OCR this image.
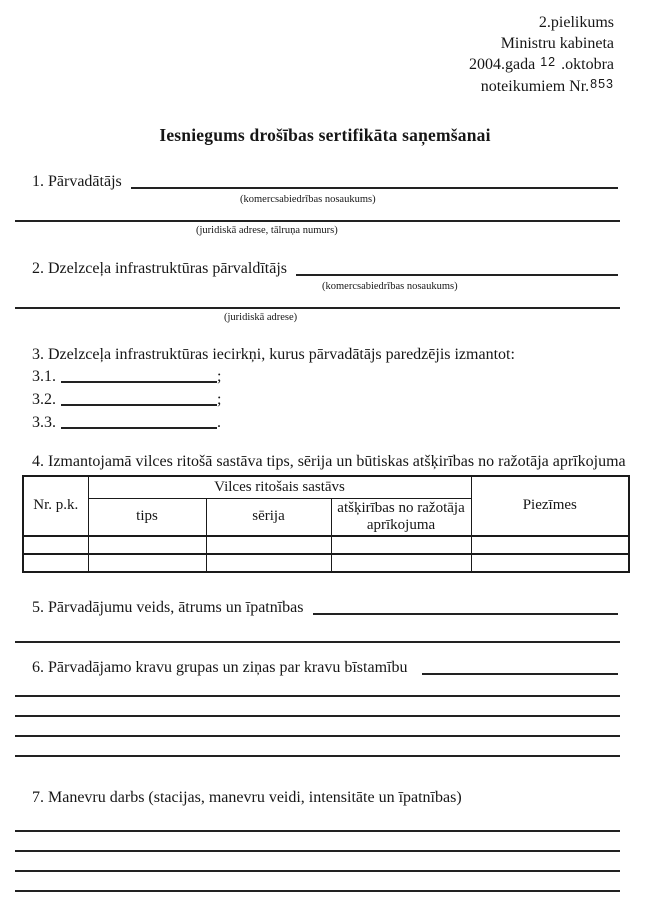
2.pielikums
Ministru kabineta
2004.gada 12 .oktobra
noteikumiem Nr.853
Iesniegums drošības sertifikāta saņemšanai
1. Pārvadātājs
(komercsabiedrības nosaukums)
(juridiskā adrese, tālruņa numurs)
2. Dzelzceļa infrastruktūras pārvaldītājs
(komercsabiedrības nosaukums)
(juridiskā adrese)
3. Dzelzceļa infrastruktūras iecirkņi, kurus pārvadātājs paredzējis izmantot:
3.1.	;
3.2.	;
3.3.	.
4. Izmantojamā vilces ritošā sastāva tips, sērija un būtiskas atšķirības no ražotāja aprīkojuma
Nr. p.k.	Vilces ritošais sastāvs			Piezīmes
	tips	sērija	atšķirības no ražotāja aprīkojuma	

5. Pārvadājumu veids, ātrums un īpatnības
6. Pārvadājamo kravu grupas un ziņas par kravu bīstamību
7. Manevru darbs (stacijas, manevru veidi, intensitāte un īpatnības)
